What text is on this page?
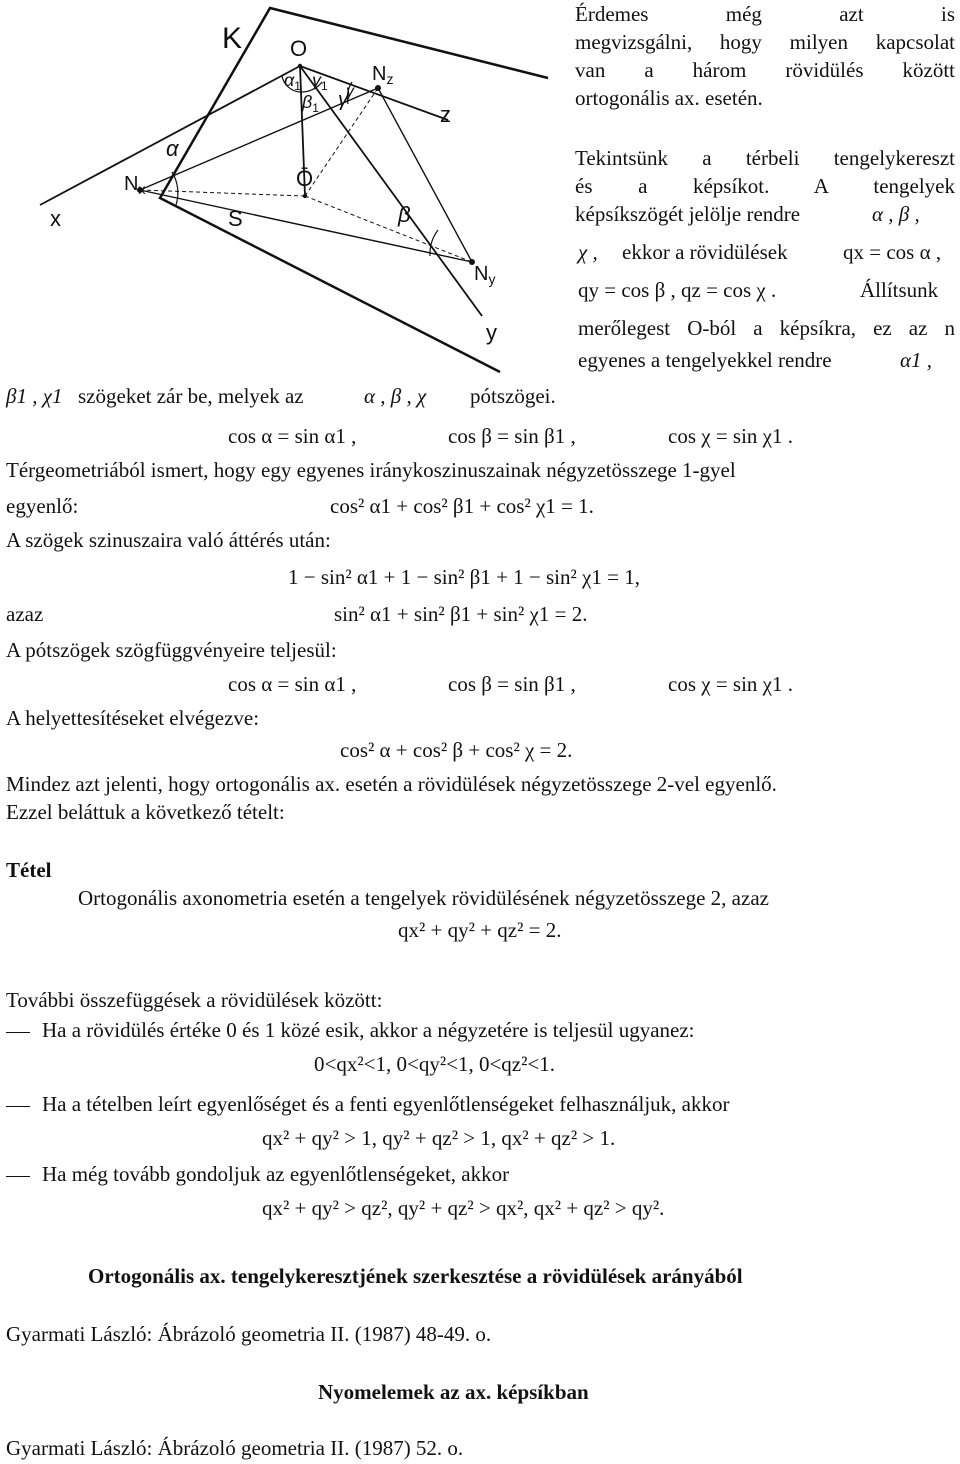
K O
Ō
S
x
y
z
$N_x$
$N_y$
$N_z$
α
β
γ
$\alpha_1$
$\beta_1$
$\gamma_1$ γ
Érdemes még azt is
megvizsgálni, hogy milyen kapcsolat
van a három rövidülés között
ortogonális ax. esetén.
Tekintsünk a térbeli tengelykereszt
és a képsíkot. A tengelyek
képsíkszögét jelölje rendre	α , β ,
χ , ekkor a rövidülések	qx = cos α ,
qy = cos β , qz = cos χ .	Állítsunk
merőlegest O-ból a képsíkra, ez az n
egyenes a tengelyekkel rendre	α1 ,
β1 , χ1 szögeket zár be, melyek az	α , β , χ pótszögei.
cos α = sin α1 ,	cos β = sin β1 ,	cos χ = sin χ1 .
Térgeometriából ismert, hogy egy egyenes iránykoszinuszainak négyzetösszege 1-gyel
egyenlő:	cos² α1 + cos² β1 + cos² χ1 = 1.
A szögek szinuszaira való áttérés után:
1 − sin² α1 + 1 − sin² β1 + 1 − sin² χ1 = 1,
azaz	sin² α1 + sin² β1 + sin² χ1 = 2.
A pótszögek szögfüggvényeire teljesül:
cos α = sin α1 ,	cos β = sin β1 ,	cos χ = sin χ1 .
A helyettesítéseket elvégezve:
cos² α + cos² β + cos² χ = 2.
Mindez azt jelenti, hogy ortogonális ax. esetén a rövidülések négyzetösszege 2-vel egyenlő.
Ezzel beláttuk a következő tételt:
Tétel
Ortogonális axonometria esetén a tengelyek rövidülésének négyzetösszege 2, azaz
qx² + qy² + qz² = 2.
További összefüggések a rövidülések között:
Ha a rövidülés értéke 0 és 1 közé esik, akkor a négyzetére is teljesül ugyanez:
0<qx²<1, 0<qy²<1, 0<qz²<1.
Ha a tételben leírt egyenlőséget és a fenti egyenlőtlenségeket felhasználjuk, akkor
qx² + qy² > 1, qy² + qz² > 1, qx² + qz² > 1.
Ha még tovább gondoljuk az egyenlőtlenségeket, akkor
qx² + qy² > qz², qy² + qz² > qx², qx² + qz² > qy².
Ortogonális ax. tengelykeresztjének szerkesztése a rövidülések arányából
Gyarmati László: Ábrázoló geometria II. (1987) 48-49. o.
Nyomelemek az ax. képsíkban
Gyarmati László: Ábrázoló geometria II. (1987) 52. o.
